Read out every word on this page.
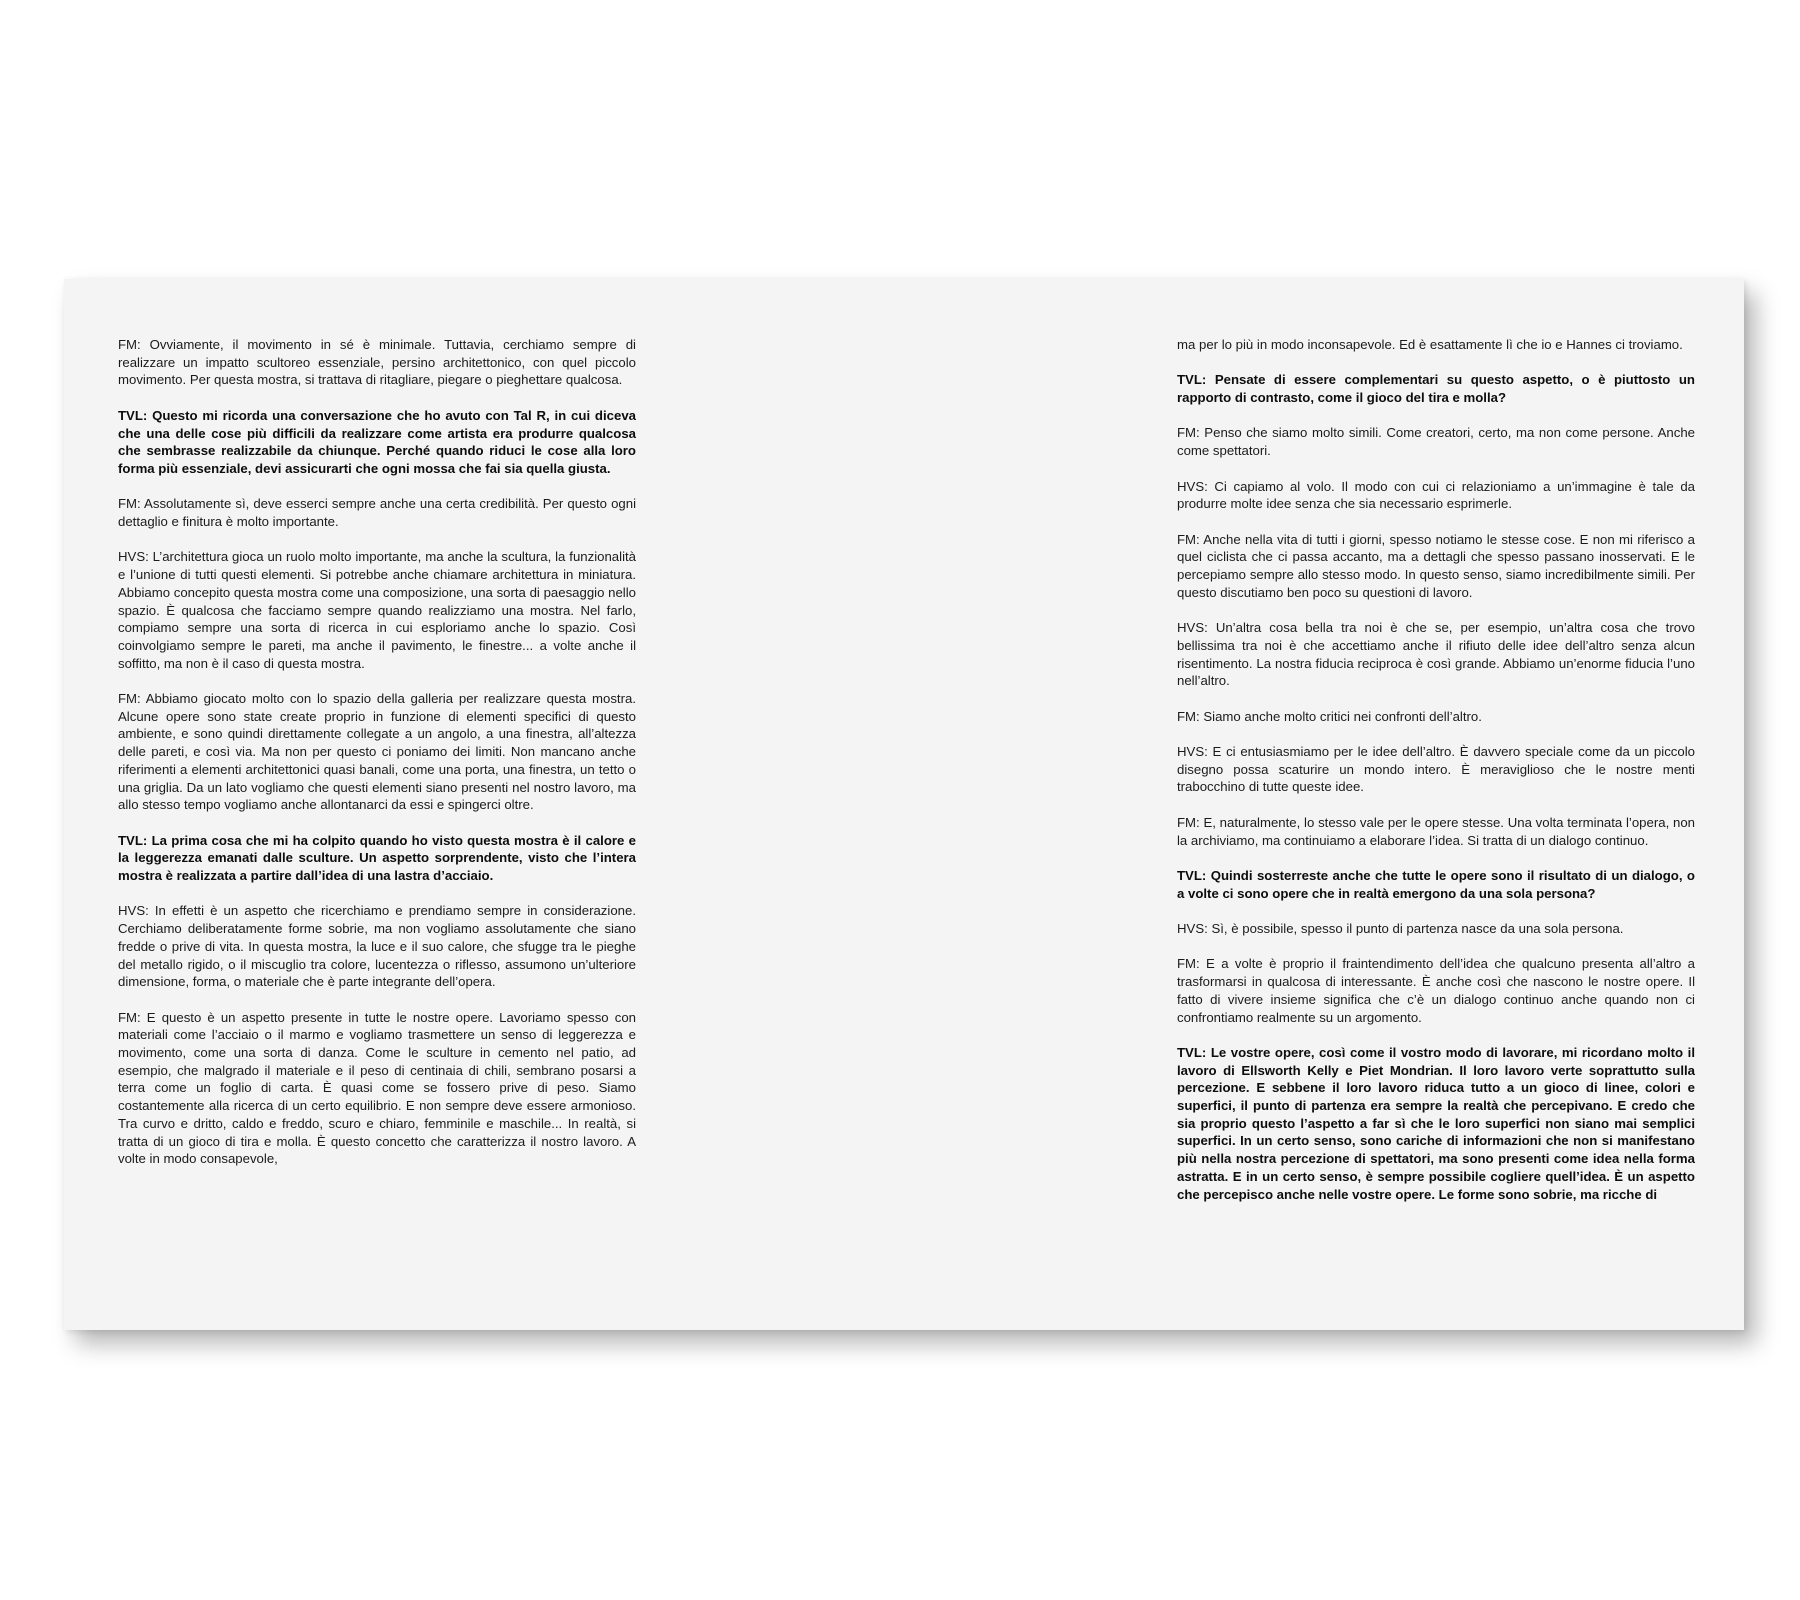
FM: Ovviamente, il movimento in sé è minimale. Tuttavia, cerchiamo sempre di realizzare un impatto scultoreo essenziale, persino architettonico, con quel piccolo movimento. Per questa mostra, si trattava di ritagliare, piegare o pieghettare qualcosa.

TVL: Questo mi ricorda una conversazione che ho avuto con Tal R, in cui diceva che una delle cose più difficili da realizzare come artista era produrre qualcosa che sembrasse realizzabile da chiunque. Perché quando riduci le cose alla loro forma più essenziale, devi assicurarti che ogni mossa che fai sia quella giusta.

FM: Assolutamente sì, deve esserci sempre anche una certa credibilità. Per questo ogni dettaglio e finitura è molto importante.

HVS: L’architettura gioca un ruolo molto importante, ma anche la scultura, la funzionalità e l’unione di tutti questi elementi. Si potrebbe anche chiamare architettura in miniatura. Abbiamo concepito questa mostra come una composizione, una sorta di paesaggio nello spazio. È qualcosa che facciamo sempre quando realizziamo una mostra. Nel farlo, compiamo sempre una sorta di ricerca in cui esploriamo anche lo spazio. Così coinvolgiamo sempre le pareti, ma anche il pavimento, le finestre... a volte anche il soffitto, ma non è il caso di questa mostra.

FM: Abbiamo giocato molto con lo spazio della galleria per realizzare questa mostra. Alcune opere sono state create proprio in funzione di elementi specifici di questo ambiente, e sono quindi direttamente collegate a un angolo, a una finestra, all’altezza delle pareti, e così via. Ma non per questo ci poniamo dei limiti. Non mancano anche riferimenti a elementi architettonici quasi banali, come una porta, una finestra, un tetto o una griglia. Da un lato vogliamo che questi elementi siano presenti nel nostro lavoro, ma allo stesso tempo vogliamo anche allontanarci da essi e spingerci oltre.

TVL: La prima cosa che mi ha colpito quando ho visto questa mostra è il calore e la leggerezza emanati dalle sculture. Un aspetto sorprendente, visto che l’intera mostra è realizzata a partire dall’idea di una lastra d’acciaio.

HVS: In effetti è un aspetto che ricerchiamo e prendiamo sempre in considerazione. Cerchiamo deliberatamente forme sobrie, ma non vogliamo assolutamente che siano fredde o prive di vita. In questa mostra, la luce e il suo calore, che sfugge tra le pieghe del metallo rigido, o il miscuglio tra colore, lucentezza o riflesso, assumono un’ulteriore dimensione, forma, o materiale che è parte integrante dell’opera.

FM: E questo è un aspetto presente in tutte le nostre opere. Lavoriamo spesso con materiali come l’acciaio o il marmo e vogliamo trasmettere un senso di leggerezza e movimento, come una sorta di danza. Come le sculture in cemento nel patio, ad esempio, che malgrado il materiale e il peso di centinaia di chili, sembrano posarsi a terra come un foglio di carta. È quasi come se fossero prive di peso. Siamo costantemente alla ricerca di un certo equilibrio. E non sempre deve essere armonioso. Tra curvo e dritto, caldo e freddo, scuro e chiaro, femminile e maschile... In realtà, si tratta di un gioco di tira e molla. È questo concetto che caratterizza il nostro lavoro. A volte in modo consapevole,

ma per lo più in modo inconsapevole. Ed è esattamente lì che io e Hannes ci troviamo.

TVL: Pensate di essere complementari su questo aspetto, o è piuttosto un rapporto di contrasto, come il gioco del tira e molla?

FM: Penso che siamo molto simili. Come creatori, certo, ma non come persone. Anche come spettatori.

HVS: Ci capiamo al volo. Il modo con cui ci relazioniamo a un’immagine è tale da produrre molte idee senza che sia necessario esprimerle.

FM: Anche nella vita di tutti i giorni, spesso notiamo le stesse cose. E non mi riferisco a quel ciclista che ci passa accanto, ma a dettagli che spesso passano inosservati. E le percepiamo sempre allo stesso modo. In questo senso, siamo incredibilmente simili. Per questo discutiamo ben poco su questioni di lavoro.

HVS: Un’altra cosa bella tra noi è che se, per esempio, un’altra cosa che trovo bellissima tra noi è che accettiamo anche il rifiuto delle idee dell’altro senza alcun risentimento. La nostra fiducia reciproca è così grande. Abbiamo un’enorme fiducia l’uno nell’altro.

FM: Siamo anche molto critici nei confronti dell’altro.

HVS: E ci entusiasmiamo per le idee dell’altro. È davvero speciale come da un piccolo disegno possa scaturire un mondo intero. È meraviglioso che le nostre menti trabocchino di tutte queste idee.

FM: E, naturalmente, lo stesso vale per le opere stesse. Una volta terminata l’opera, non la archiviamo, ma continuiamo a elaborare l’idea. Si tratta di un dialogo continuo.

TVL: Quindi sosterreste anche che tutte le opere sono il risultato di un dialogo, o a volte ci sono opere che in realtà emergono da una sola persona?

HVS: Sì, è possibile, spesso il punto di partenza nasce da una sola persona.

FM: E a volte è proprio il fraintendimento dell’idea che qualcuno presenta all’altro a trasformarsi in qualcosa di interessante. È anche così che nascono le nostre opere. Il fatto di vivere insieme significa che c’è un dialogo continuo anche quando non ci confrontiamo realmente su un argomento.

TVL: Le vostre opere, così come il vostro modo di lavorare, mi ricordano molto il lavoro di Ellsworth Kelly e Piet Mondrian. Il loro lavoro verte soprattutto sulla percezione. E sebbene il loro lavoro riduca tutto a un gioco di linee, colori e superfici, il punto di partenza era sempre la realtà che percepivano. E credo che sia proprio questo l’aspetto a far sì che le loro superfici non siano mai semplici superfici. In un certo senso, sono cariche di informazioni che non si manifestano più nella nostra percezione di spettatori, ma sono presenti come idea nella forma astratta. E in un certo senso, è sempre possibile cogliere quell’idea. È un aspetto che percepisco anche nelle vostre opere. Le forme sono sobrie, ma ricche di
